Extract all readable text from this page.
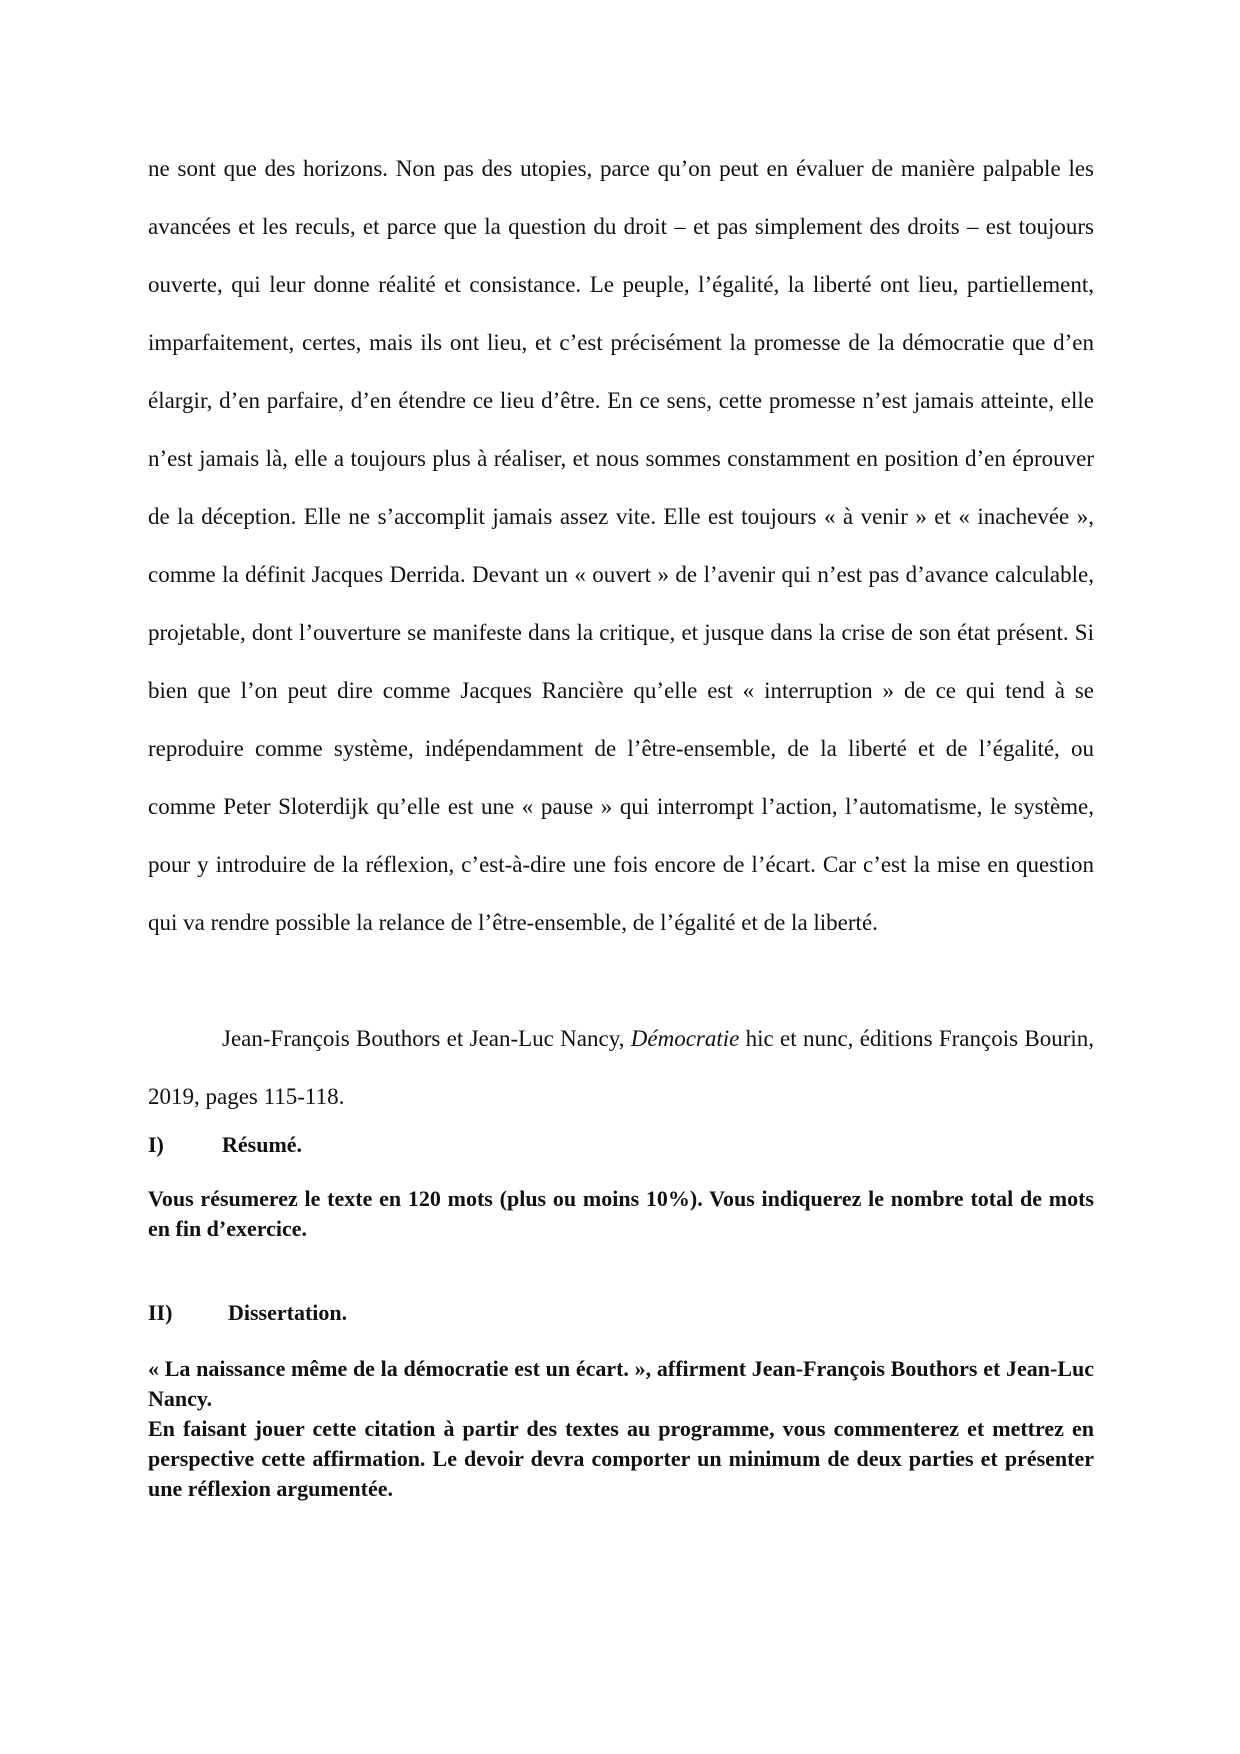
ne sont que des horizons. Non pas des utopies, parce qu’on peut en évaluer de manière palpable les avancées et les reculs, et parce que la question du droit – et pas simplement des droits – est toujours ouverte, qui leur donne réalité et consistance. Le peuple, l’égalité, la liberté ont lieu, partiellement, imparfaitement, certes, mais ils ont lieu, et c’est précisément la promesse de la démocratie que d’en élargir, d’en parfaire, d’en étendre ce lieu d’être. En ce sens, cette promesse n’est jamais atteinte, elle n’est jamais là, elle a toujours plus à réaliser, et nous sommes constamment en position d’en éprouver de la déception. Elle ne s’accomplit jamais assez vite. Elle est toujours « à venir » et « inachevée », comme la définit Jacques Derrida. Devant un « ouvert » de l’avenir qui n’est pas d’avance calculable, projetable, dont l’ouverture se manifeste dans la critique, et jusque dans la crise de son état présent. Si bien que l’on peut dire comme Jacques Rancière qu’elle est « interruption » de ce qui tend à se reproduire comme système, indépendamment de l’être-ensemble, de la liberté et de l’égalité, ou comme Peter Sloterdijk qu’elle est une « pause » qui interrompt l’action, l’automatisme, le système, pour y introduire de la réflexion, c’est-à-dire une fois encore de l’écart. Car c’est la mise en question qui va rendre possible la relance de l’être-ensemble, de l’égalité et de la liberté.

Jean-François Bouthors et Jean-Luc Nancy, Démocratie hic et nunc, éditions François Bourin, 2019, pages 115-118.

I)	Résumé.

Vous résumerez le texte en 120 mots (plus ou moins 10%). Vous indiquerez le nombre total de mots en fin d’exercice.

II)	Dissertation.

« La naissance même de la démocratie est un écart. », affirment Jean-François Bouthors et Jean-Luc Nancy.
En faisant jouer cette citation à partir des textes au programme, vous commenterez et mettrez en perspective cette affirmation. Le devoir devra comporter un minimum de deux parties et présenter une réflexion argumentée.
